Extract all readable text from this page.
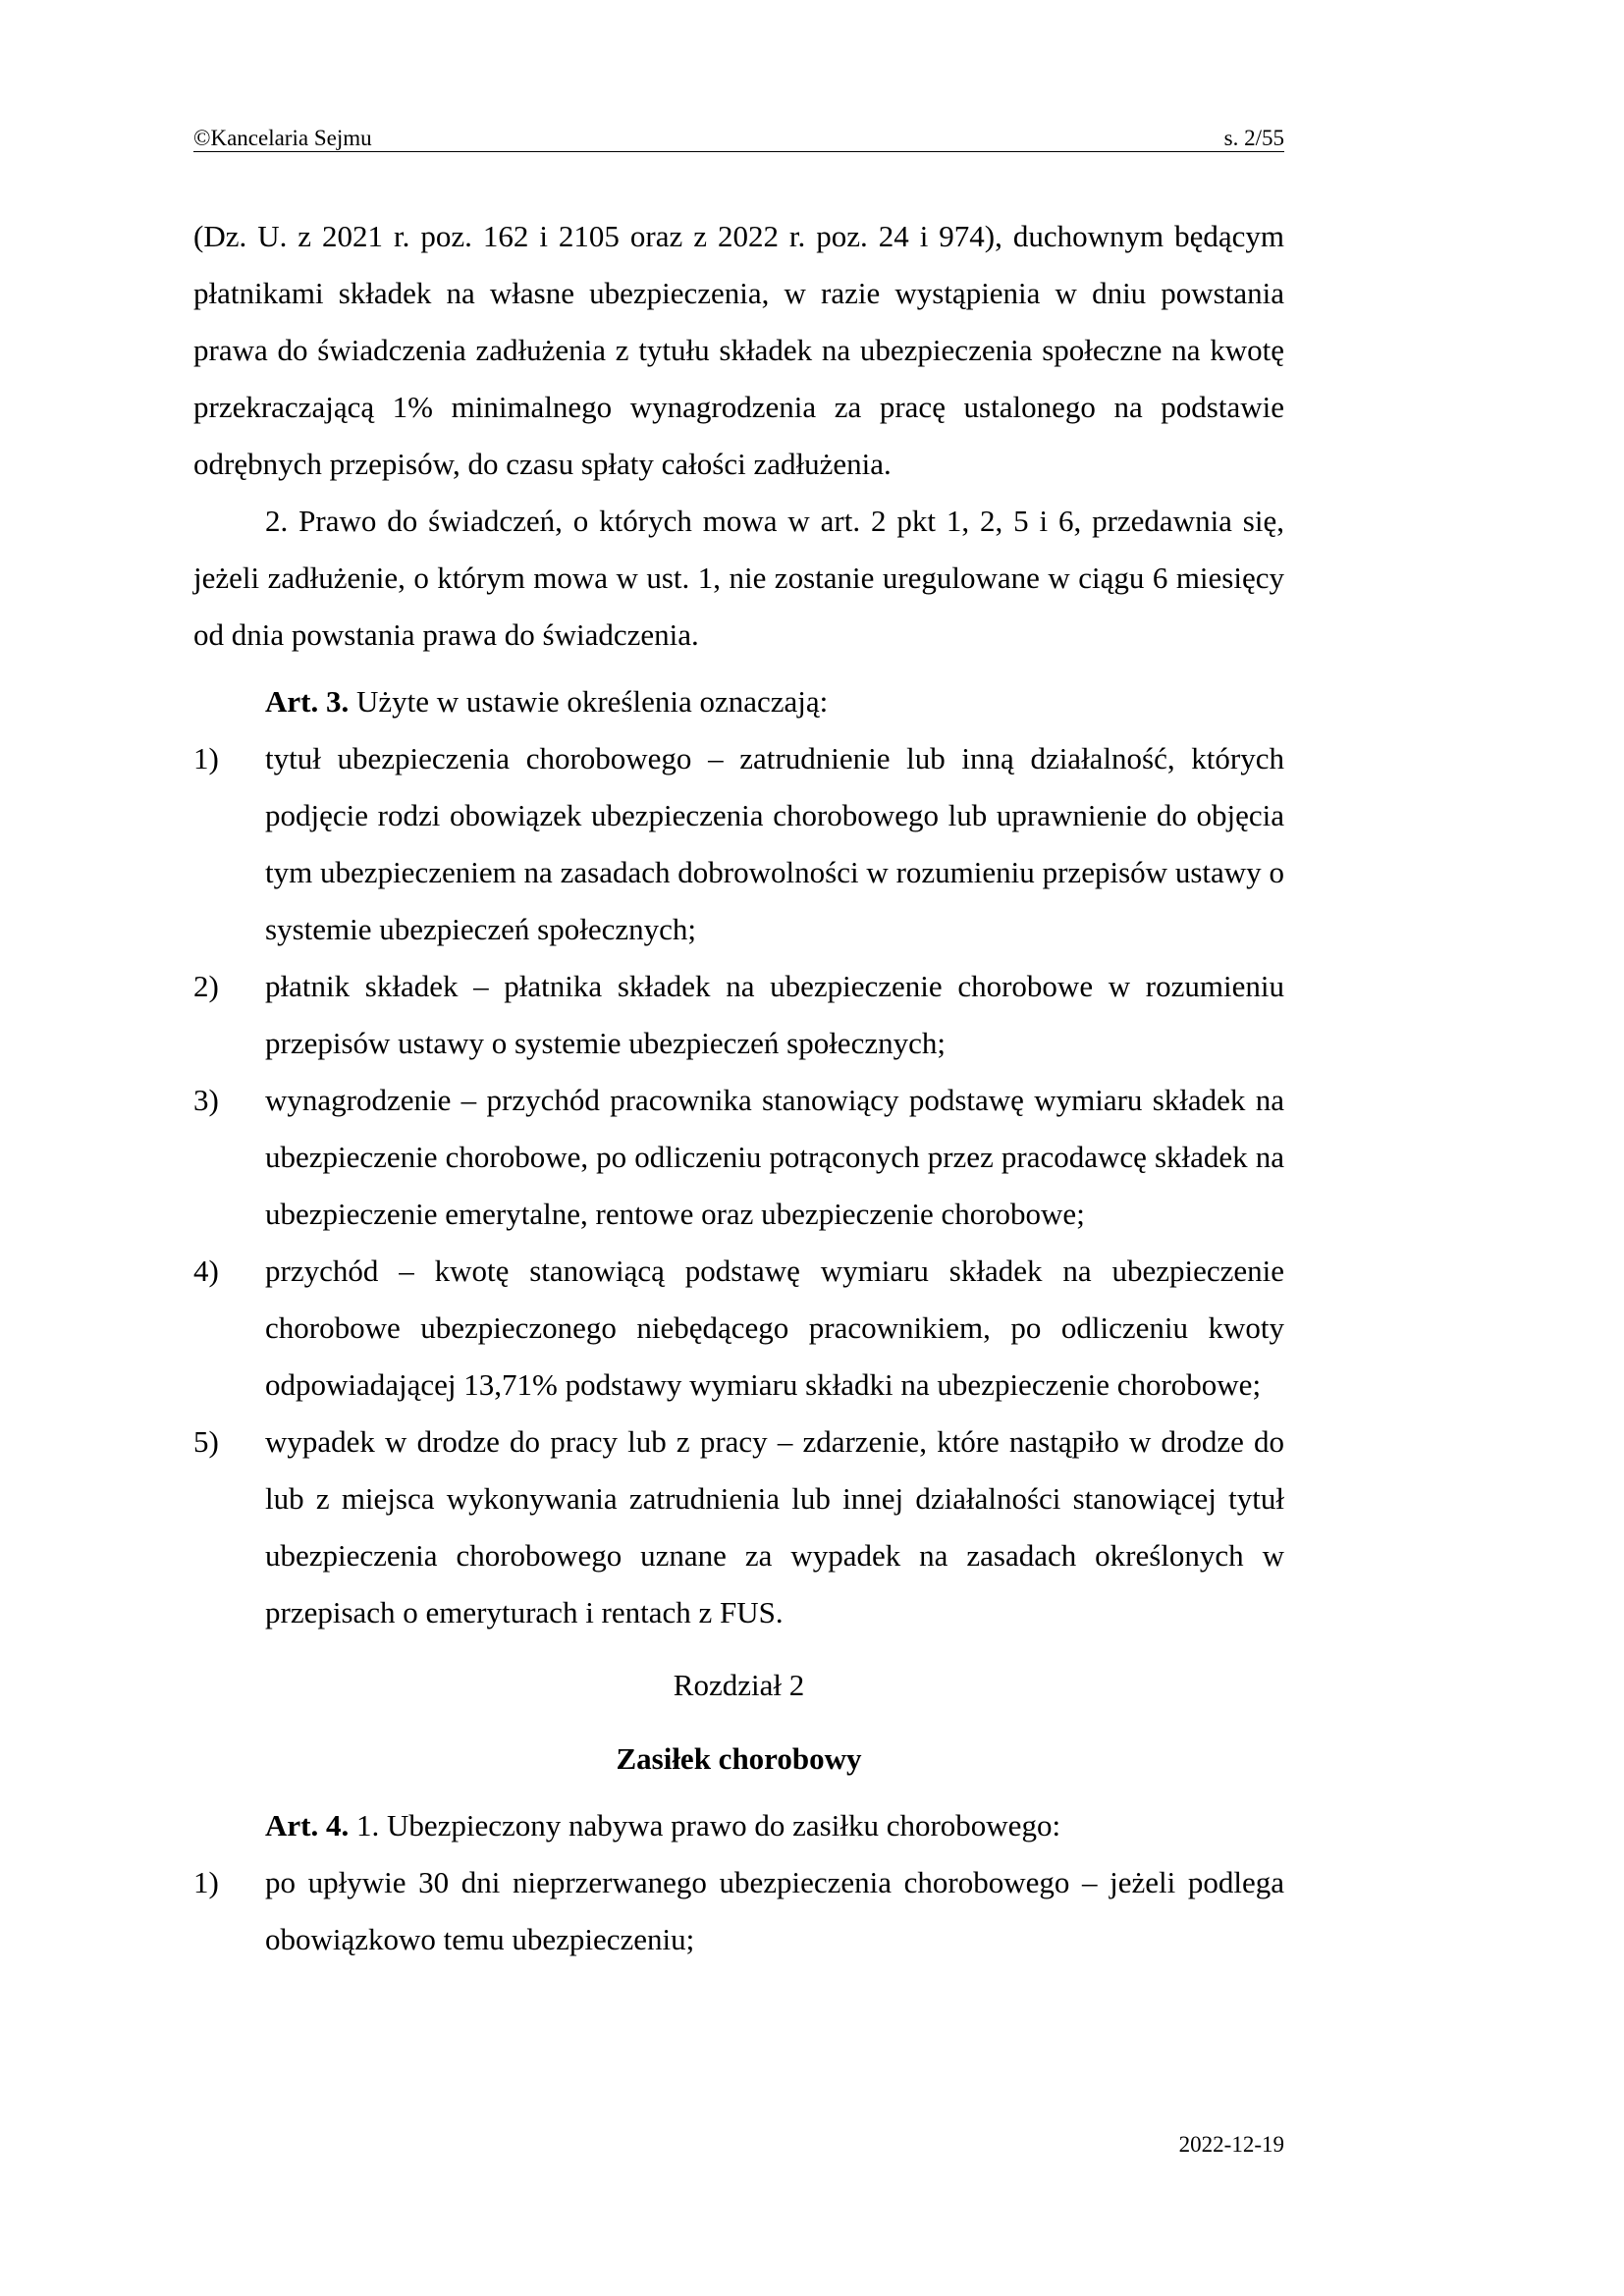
©Kancelaria Sejmu	s. 2/55

(Dz. U. z 2021 r. poz. 162 i 2105 oraz z 2022 r. poz. 24 i 974), duchownym będącym płatnikami składek na własne ubezpieczenia, w razie wystąpienia w dniu powstania prawa do świadczenia zadłużenia z tytułu składek na ubezpieczenia społeczne na kwotę przekraczającą 1% minimalnego wynagrodzenia za pracę ustalonego na podstawie odrębnych przepisów, do czasu spłaty całości zadłużenia.

2. Prawo do świadczeń, o których mowa w art. 2 pkt 1, 2, 5 i 6, przedawnia się, jeżeli zadłużenie, o którym mowa w ust. 1, nie zostanie uregulowane w ciągu 6 miesięcy od dnia powstania prawa do świadczenia.

Art. 3. Użyte w ustawie określenia oznaczają:

1) tytuł ubezpieczenia chorobowego – zatrudnienie lub inną działalność, których podjęcie rodzi obowiązek ubezpieczenia chorobowego lub uprawnienie do objęcia tym ubezpieczeniem na zasadach dobrowolności w rozumieniu przepisów ustawy o systemie ubezpieczeń społecznych;
2) płatnik składek – płatnika składek na ubezpieczenie chorobowe w rozumieniu przepisów ustawy o systemie ubezpieczeń społecznych;
3) wynagrodzenie – przychód pracownika stanowiący podstawę wymiaru składek na ubezpieczenie chorobowe, po odliczeniu potrąconych przez pracodawcę składek na ubezpieczenie emerytalne, rentowe oraz ubezpieczenie chorobowe;
4) przychód – kwotę stanowiącą podstawę wymiaru składek na ubezpieczenie chorobowe ubezpieczonego niebędącego pracownikiem, po odliczeniu kwoty odpowiadającej 13,71% podstawy wymiaru składki na ubezpieczenie chorobowe;
5) wypadek w drodze do pracy lub z pracy – zdarzenie, które nastąpiło w drodze do lub z miejsca wykonywania zatrudnienia lub innej działalności stanowiącej tytuł ubezpieczenia chorobowego uznane za wypadek na zasadach określonych w przepisach o emeryturach i rentach z FUS.

Rozdział 2

Zasiłek chorobowy

Art. 4. 1. Ubezpieczony nabywa prawo do zasiłku chorobowego:

1) po upływie 30 dni nieprzerwanego ubezpieczenia chorobowego – jeżeli podlega obowiązkowo temu ubezpieczeniu;
2022-12-19
